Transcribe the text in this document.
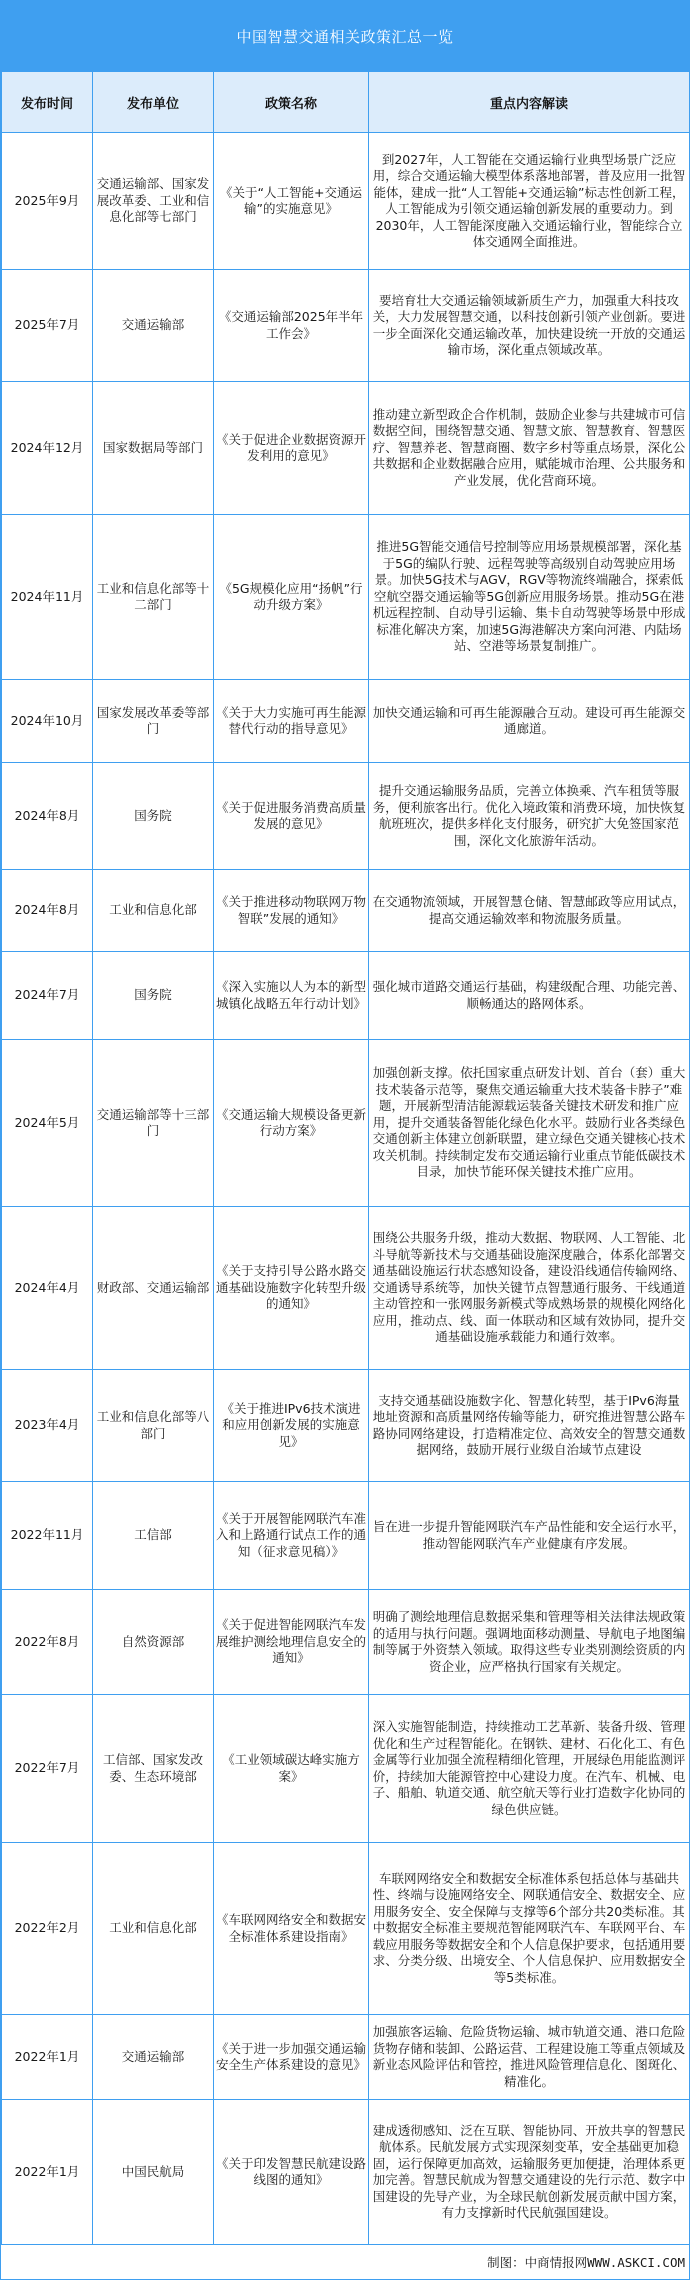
中国智慧交通相关政策汇总一览
发布时间	发布单位	政策名称	重点内容解读
2025年9月	交通运输部、国家发展改革委、工业和信息化部等七部门	《关于“人工智能+交通运输”的实施意见》	到2027年，人工智能在交通运输行业典型场景广泛应用，综合交通运输大模型体系落地部署，普及应用一批智能体，建成一批“人工智能+交通运输”标志性创新工程，人工智能成为引领交通运输创新发展的重要动力。到2030年，人工智能深度融入交通运输行业，智能综合立体交通网全面推进。
2025年7月	交通运输部	《交通运输部2025年半年工作会》	要培育壮大交通运输领域新质生产力，加强重大科技攻关，大力发展智慧交通，以科技创新引领产业创新。要进一步全面深化交通运输改革，加快建设统一开放的交通运输市场，深化重点领域改革。
2024年12月	国家数据局等部门	《关于促进企业数据资源开发利用的意见》	推动建立新型政企合作机制，鼓励企业参与共建城市可信数据空间，围绕智慧交通、智慧文旅、智慧教育、智慧医疗、智慧养老、智慧商圈、数字乡村等重点场景，深化公共数据和企业数据融合应用，赋能城市治理、公共服务和产业发展，优化营商环境。
2024年11月	工业和信息化部等十二部门	《5G规模化应用“扬帆”行动升级方案》	推进5G智能交通信号控制等应用场景规模部署，深化基于5G的编队行驶、远程驾驶等高级别自动驾驶应用场景。加快5G技术与AGV，RGV等物流终端融合，探索低空航空器交通运输等5G创新应用服务场景。推动5G在港机远程控制、自动导引运输、集卡自动驾驶等场景中形成标准化解决方案，加速5G海港解决方案向河港、内陆场站、空港等场景复制推广。
2024年10月	国家发展改革委等部门	《关于大力实施可再生能源替代行动的指导意见》	加快交通运输和可再生能源融合互动。建设可再生能源交通廊道。
2024年8月	国务院	《关于促进服务消费高质量发展的意见》	提升交通运输服务品质，完善立体换乘、汽车租赁等服务，便利旅客出行。优化入境政策和消费环境，加快恢复航班班次，提供多样化支付服务，研究扩大免签国家范围，深化文化旅游年活动。
2024年8月	工业和信息化部	《关于推进移动物联网万物智联”发展的通知》	在交通物流领域，开展智慧仓储、智慧邮政等应用试点，提高交通运输效率和物流服务质量。
2024年7月	国务院	《深入实施以人为本的新型城镇化战略五年行动计划》	强化城市道路交通运行基础，构建级配合理、功能完善、顺畅通达的路网体系。
2024年5月	交通运输部等十三部门	《交通运输大规模设备更新行动方案》	加强创新支撑。依托国家重点研发计划、首台（套）重大技术装备示范等，聚焦交通运输重大技术装备卡脖子”难题，开展新型清洁能源载运装备关键技术研发和推广应用，提升交通装备智能化绿色化水平。鼓励行业各类绿色交通创新主体建立创新联盟，建立绿色交通关键核心技术攻关机制。持续制定发布交通运输行业重点节能低碳技术目录，加快节能环保关键技术推广应用。
2024年4月	财政部、交通运输部	《关于支持引导公路水路交通基础设施数字化转型升级的通知》	围绕公共服务升级，推动大数据、物联网、人工智能、北斗导航等新技术与交通基础设施深度融合，体系化部署交通基础设施运行状态感知设备，建设沿线通信传输网络、交通诱导系统等，加快关键节点智慧通行服务、干线通道主动管控和一张网服务新模式等成熟场景的规模化网络化应用，推动点、线、面一体联动和区域有效协同，提升交通基础设施承载能力和通行效率。
2023年4月	工业和信息化部等八部门	《关于推进IPv6技术演进和应用创新发展的实施意见》	支持交通基础设施数字化、智慧化转型，基于IPv6海量地址资源和高质量网络传输等能力，研究推进智慧公路车路协同网络建设，打造精准定位、高效安全的智慧交通数据网络，鼓励开展行业级自治域节点建设
2022年11月	工信部	《关于开展智能网联汽车准入和上路通行试点工作的通知（征求意见稿）》	旨在进一步提升智能网联汽车产品性能和安全运行水平，推动智能网联汽车产业健康有序发展。
2022年8月	自然资源部	《关于促进智能网联汽车发展维护测绘地理信息安全的通知》	明确了测绘地理信息数据采集和管理等相关法律法规政策的适用与执行问题。强调地面移动测量、导航电子地图编制等属于外资禁入领域。取得这些专业类别测绘资质的内资企业，应严格执行国家有关规定。
2022年7月	工信部、国家发改委、生态环境部	《工业领域碳达峰实施方案》	深入实施智能制造，持续推动工艺革新、装备升级、管理优化和生产过程智能化。在钢铁、建材、石化化工、有色金属等行业加强全流程精细化管理，开展绿色用能监测评价，持续加大能源管控中心建设力度。在汽车、机械、电子、船舶、轨道交通、航空航天等行业打造数字化协同的绿色供应链。
2022年2月	工业和信息化部	《车联网网络安全和数据安全标准体系建设指南》	车联网网络安全和数据安全标准体系包括总体与基础共性、终端与设施网络安全、网联通信安全、数据安全、应用服务安全、安全保障与支撑等6个部分共20类标准。其中数据安全标准主要规范智能网联汽车、车联网平台、车载应用服务等数据安全和个人信息保护要求，包括通用要求、分类分级、出境安全、个人信息保护、应用数据安全等5类标准。
2022年1月	交通运输部	《关于进一步加强交通运输安全生产体系建设的意见》	加强旅客运输、危险货物运输、城市轨道交通、港口危险货物存储和装卸、公路运营、工程建设施工等重点领域及新业态风险评估和管控，推进风险管理信息化、图斑化、精准化。
2022年1月	中国民航局	《关于印发智慧民航建设路线图的通知》	建成透彻感知、泛在互联、智能协同、开放共享的智慧民航体系。民航发展方式实现深刻变革，安全基础更加稳固，运行保障更加高效，运输服务更加便捷，治理体系更加完善。智慧民航成为智慧交通建设的先行示范、数字中国建设的先导产业，为全球民航创新发展贡献中国方案，有力支撑新时代民航强国建设。
制图：中商情报网WWW.ASKCI.COM
